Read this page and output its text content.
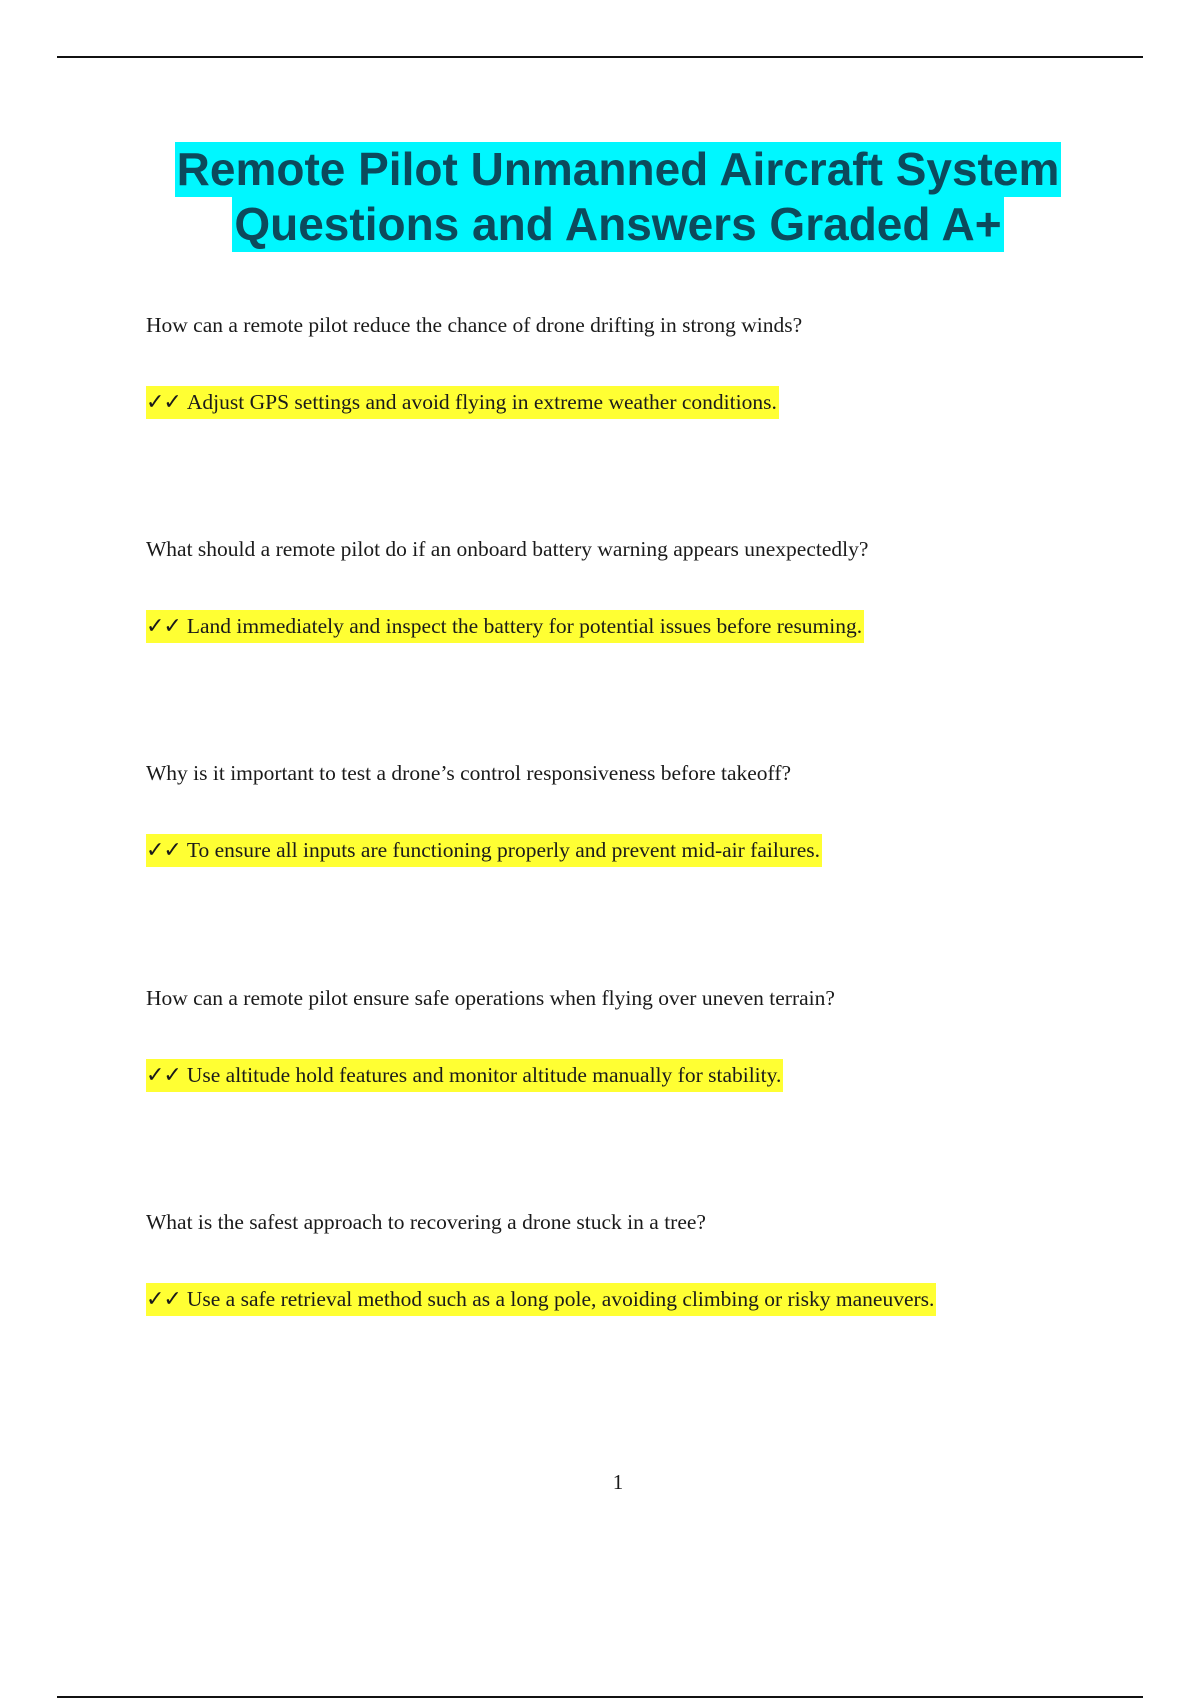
Remote Pilot Unmanned Aircraft System
Questions and Answers Graded A+

How can a remote pilot reduce the chance of drone drifting in strong winds?

✓✓ Adjust GPS settings and avoid flying in extreme weather conditions.

What should a remote pilot do if an onboard battery warning appears unexpectedly?

✓✓ Land immediately and inspect the battery for potential issues before resuming.

Why is it important to test a drone’s control responsiveness before takeoff?

✓✓ To ensure all inputs are functioning properly and prevent mid-air failures.

How can a remote pilot ensure safe operations when flying over uneven terrain?

✓✓ Use altitude hold features and monitor altitude manually for stability.

What is the safest approach to recovering a drone stuck in a tree?

✓✓ Use a safe retrieval method such as a long pole, avoiding climbing or risky maneuvers.
1
